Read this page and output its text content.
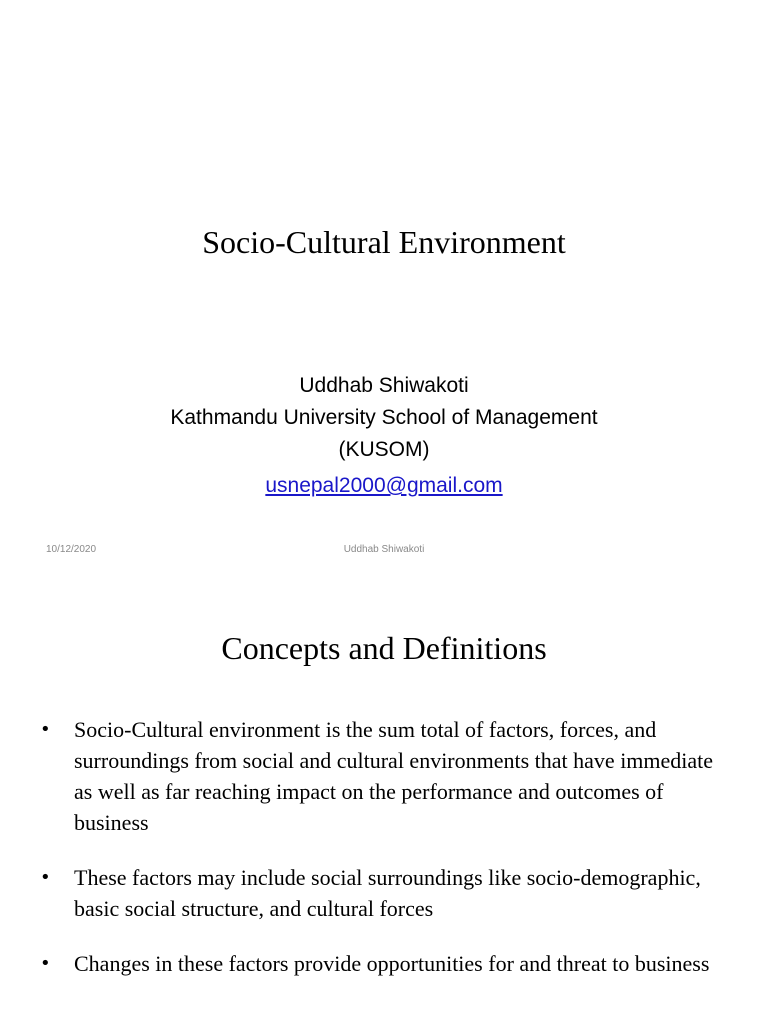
Socio-Cultural Environment
Uddhab Shiwakoti
Kathmandu University School of Management
(KUSOM)
usnepal2000@gmail.com
10/12/2020	Uddhab Shiwakoti
Concepts and Definitions
• Socio-Cultural environment is the sum total of factors, forces, and surroundings from social and cultural environments that have immediate as well as far reaching impact on the performance and outcomes of business
• These factors may include social surroundings like socio-demographic, basic social structure, and cultural forces
• Changes in these factors provide opportunities for and threat to business
